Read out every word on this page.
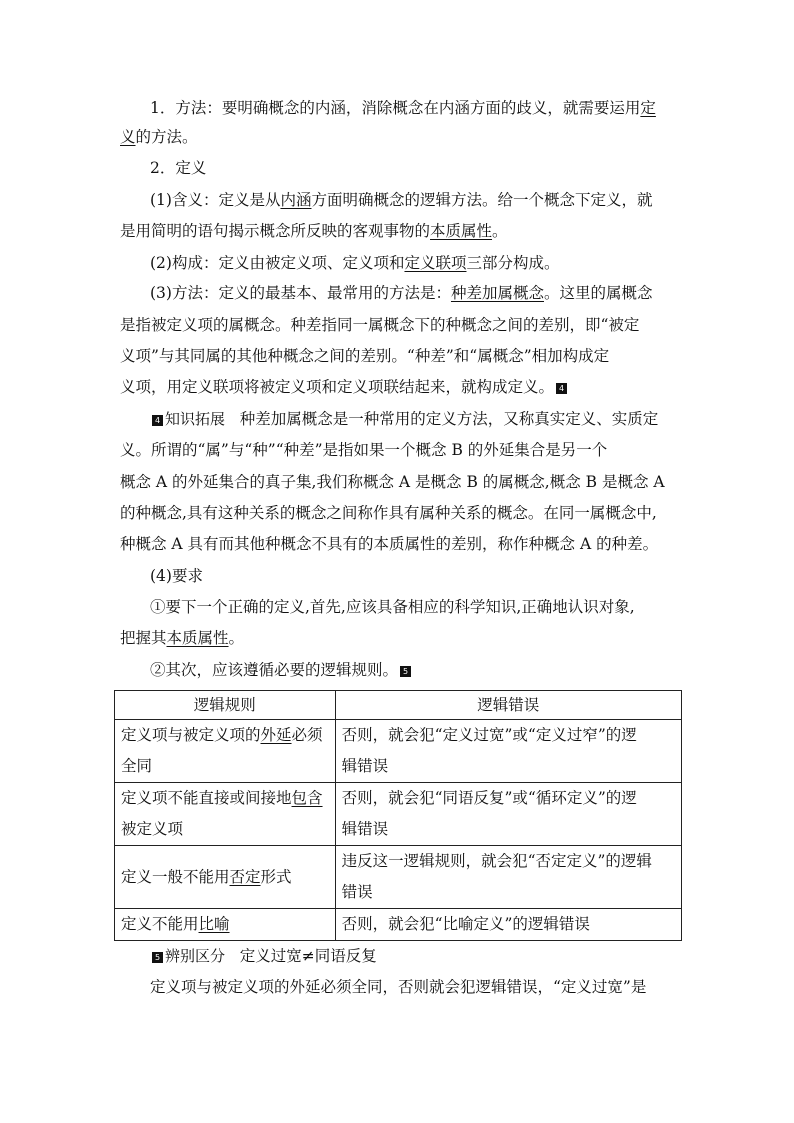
1．方法：要明确概念的内涵，消除概念在内涵方面的歧义，就需要运用定
义的方法。
2．定义
(1)含义：定义是从内涵方面明确概念的逻辑方法。给一个概念下定义，就
是用简明的语句揭示概念所反映的客观事物的本质属性。
(2)构成：定义由被定义项、定义项和定义联项三部分构成。
(3)方法：定义的最基本、最常用的方法是：种差加属概念。这里的属概念
是指被定义项的属概念。种差指同一属概念下的种概念之间的差别，即“被定
义项”与其同属的其他种概念之间的差别。“种差”和“属概念”相加构成定
义项，用定义联项将被定义项和定义项联结起来，就构成定义。 4
4 知识拓展 种差加属概念是一种常用的定义方法，又称真实定义、实质定
义。所谓的“属”与“种”“种差”是指如果一个概念 B 的外延集合是另一个
概念 A 的外延集合的真子集,我们称概念 A 是概念 B 的属概念,概念 B 是概念 A
的种概念,具有这种关系的概念之间称作具有属种关系的概念。在同一属概念中,
种概念 A 具有而其他种概念不具有的本质属性的差别，称作种概念 A 的种差。
(4)要求
①要下一个正确的定义,首先,应该具备相应的科学知识,正确地认识对象,
把握其本质属性。
②其次，应该遵循必要的逻辑规则。 5
逻辑规则	逻辑错误
定义项与被定义项的外延必须
全同	否则，就会犯“定义过宽”或“定义过窄”的逻
辑错误
定义项不能直接或间接地包含
被定义项	否则，就会犯“同语反复”或“循环定义”的逻
辑错误
定义一般不能用否定形式	违反这一逻辑规则，就会犯“否定定义”的逻辑
错误
定义不能用比喻	否则，就会犯“比喻定义”的逻辑错误
5 辨别区分 定义过宽≠同语反复
定义项与被定义项的外延必须全同，否则就会犯逻辑错误，“定义过宽”是
